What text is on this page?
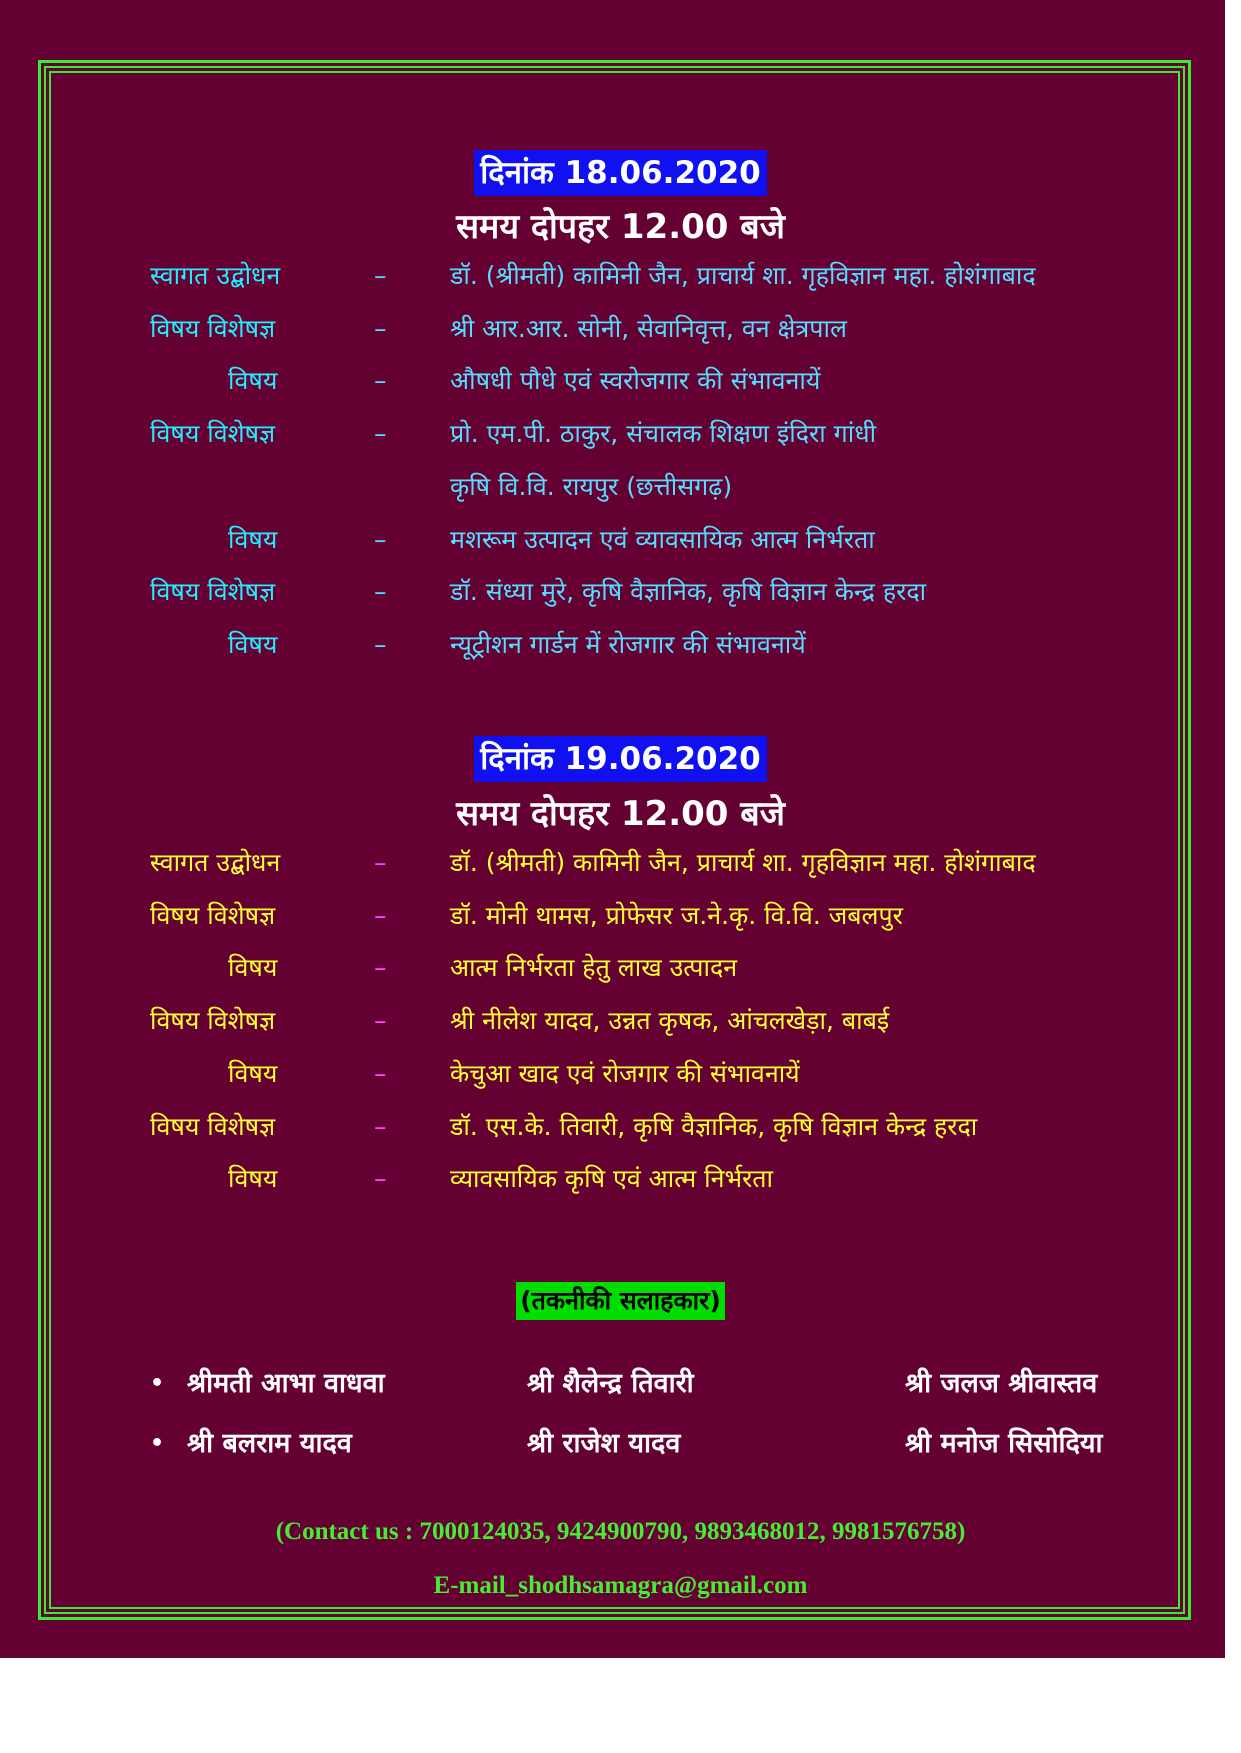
दिनांक 18.06.2020
समय दोपहर 12.00 बजे
स्वागत उद्बोधन	–	डॉ. (श्रीमती) कामिनी जैन, प्राचार्य शा. गृहविज्ञान महा. होशंगाबाद
विषय विशेषज्ञ	–	श्री आर.आर. सोनी, सेवानिवृत्त, वन क्षेत्रपाल
विषय	–	औषधी पौधे एवं स्वरोजगार की संभावनायें
विषय विशेषज्ञ	–	प्रो. एम.पी. ठाकुर, संचालक शिक्षण इंदिरा गांधी
कृषि वि.वि. रायपुर (छत्तीसगढ़)
विषय	–	मशरूम उत्पादन एवं व्यावसायिक आत्म निर्भरता
विषय विशेषज्ञ	–	डॉ. संध्या मुरे, कृषि वैज्ञानिक, कृषि विज्ञान केन्द्र हरदा
विषय	–	न्यूट्रीशन गार्डन में रोजगार की संभावनायें
दिनांक 19.06.2020
समय दोपहर 12.00 बजे
स्वागत उद्बोधन	–	डॉ. (श्रीमती) कामिनी जैन, प्राचार्य शा. गृहविज्ञान महा. होशंगाबाद
विषय विशेषज्ञ	–	डॉ. मोनी थामस, प्रोफेसर ज.ने.कृ. वि.वि. जबलपुर
विषय	–	आत्म निर्भरता हेतु लाख उत्पादन
विषय विशेषज्ञ	–	श्री नीलेश यादव, उन्नत कृषक, आंचलखेड़ा, बाबई
विषय	–	केचुआ खाद एवं रोजगार की संभावनायें
विषय विशेषज्ञ	–	डॉ. एस.के. तिवारी, कृषि वैज्ञानिक, कृषि विज्ञान केन्द्र हरदा
विषय	–	व्यावसायिक कृषि एवं आत्म निर्भरता
(तकनीकी सलाहकार)
• श्रीमती आभा वाधवा	श्री शैलेन्द्र तिवारी	श्री जलज श्रीवास्तव
• श्री बलराम यादव	श्री राजेश यादव	श्री मनोज सिसोदिया
(Contact us : 7000124035, 9424900790, 9893468012, 9981576758)
E-mail_shodhsamagra@gmail.com
